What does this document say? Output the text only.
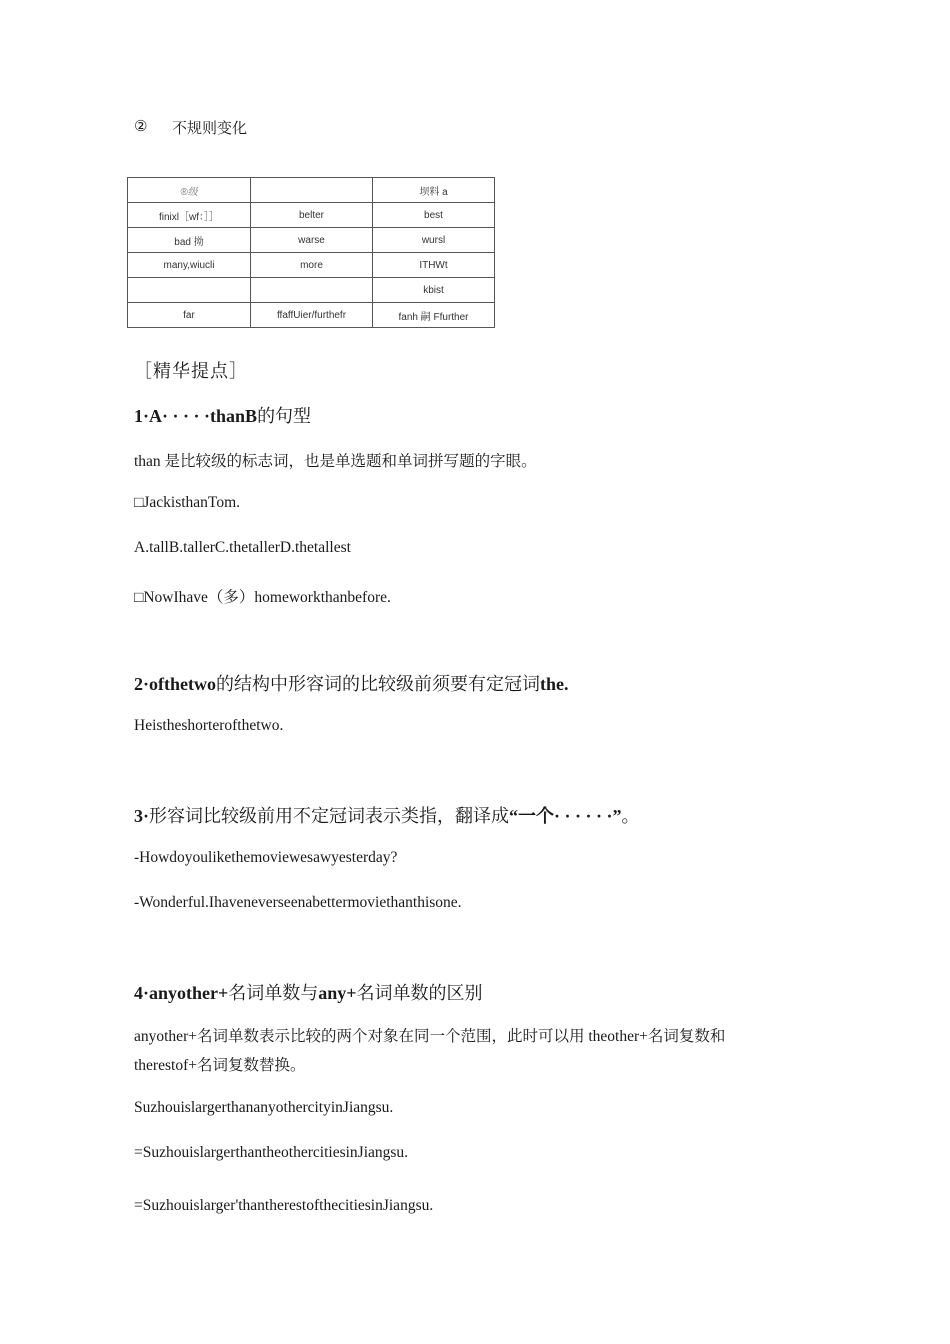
② 不规则变化
®级		坝料 a
finixl［wf：］］	belter	best
bad 拗	warse	wursl
many,wiucli	more	ITHWt
		kbist
far	ffaffUier/furthefr	fanh 嗣 Ffurther
［精华提点］
1·A· · · · ·thanB的句型
than 是比较级的标志词，也是单选题和单词拼写题的字眼。
□JackisthanTom.
A.tallB.tallerC.thetallerD.thetallest
□NowIhave（多）homeworkthanbefore.
2·ofthetwo的结构中形容词的比较级前须要有定冠词the.
Heistheshorterofthetwo.
3·形容词比较级前用不定冠词表示类指，翻译成“一个· · · · · ·”。
-Howdoyoulikethemoviewesawyesterday?
-Wonderful.Ihaveneverseenabettermoviethanthisone.
4·anyother+名词单数与any+名词单数的区别
anyother+名词单数表示比较的两个对象在同一个范围，此时可以用 theother+名词复数和
therestof+名词复数替换。
SuzhouislargerthananyothercityinJiangsu.
=SuzhouislargerthantheothercitiesinJiangsu.
=Suzhouislarger'thantherestofthecitiesinJiangsu.
